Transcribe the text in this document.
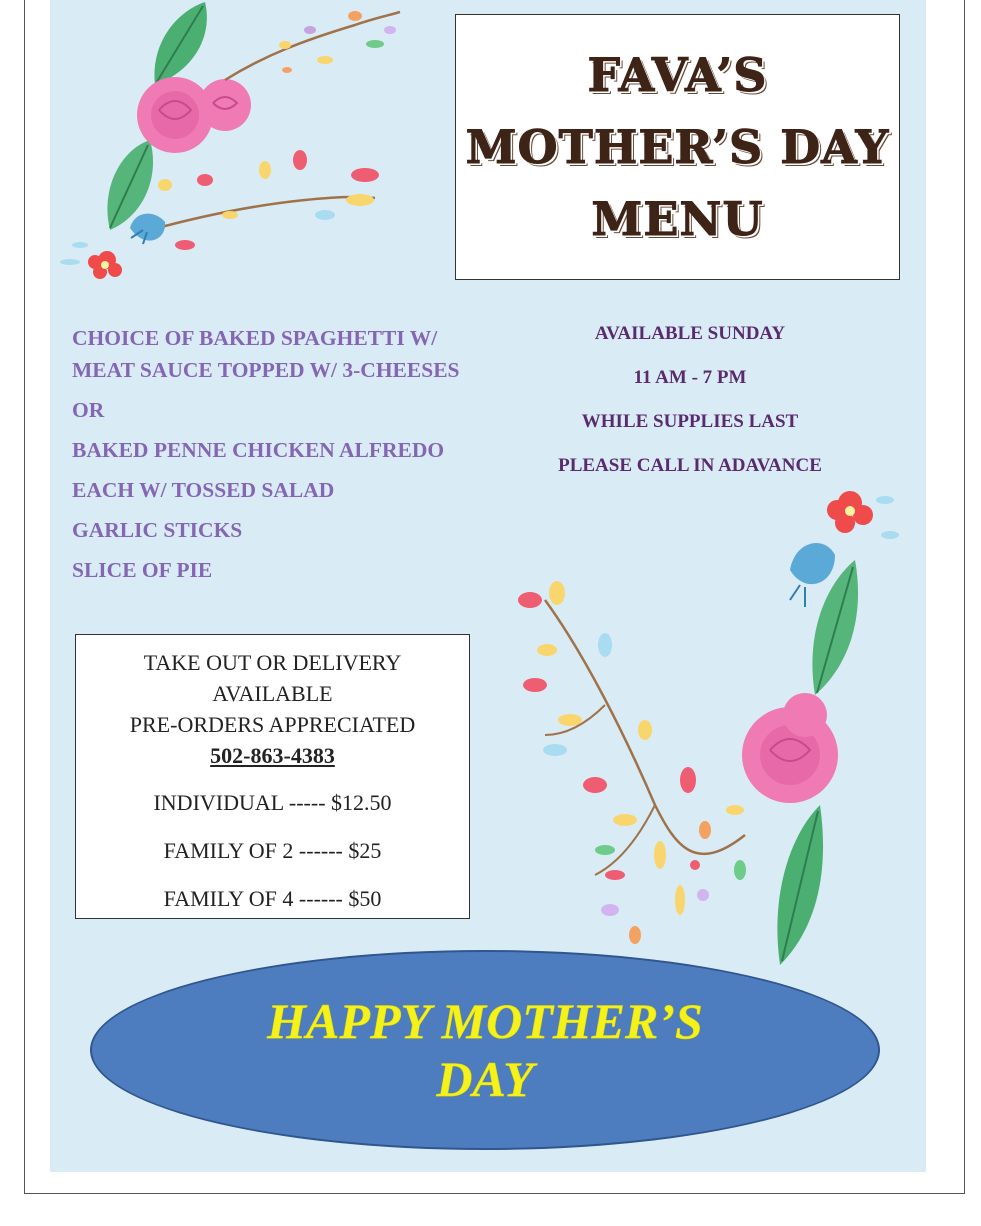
FAVA’S
MOTHER’S DAY
MENU
CHOICE OF BAKED SPAGHETTI W/ MEAT SAUCE TOPPED W/ 3-CHEESES
OR
BAKED PENNE CHICKEN ALFREDO
EACH W/ TOSSED SALAD
GARLIC STICKS
SLICE OF PIE
AVAILABLE SUNDAY
11 AM - 7 PM
WHILE SUPPLIES LAST
PLEASE CALL IN ADAVANCE
TAKE OUT OR DELIVERY
AVAILABLE
PRE-ORDERS APPRECIATED
502-863-4383
INDIVIDUAL ----- $12.50
FAMILY OF 2 ------ $25
FAMILY OF 4 ------ $50
HAPPY MOTHER’S
DAY
